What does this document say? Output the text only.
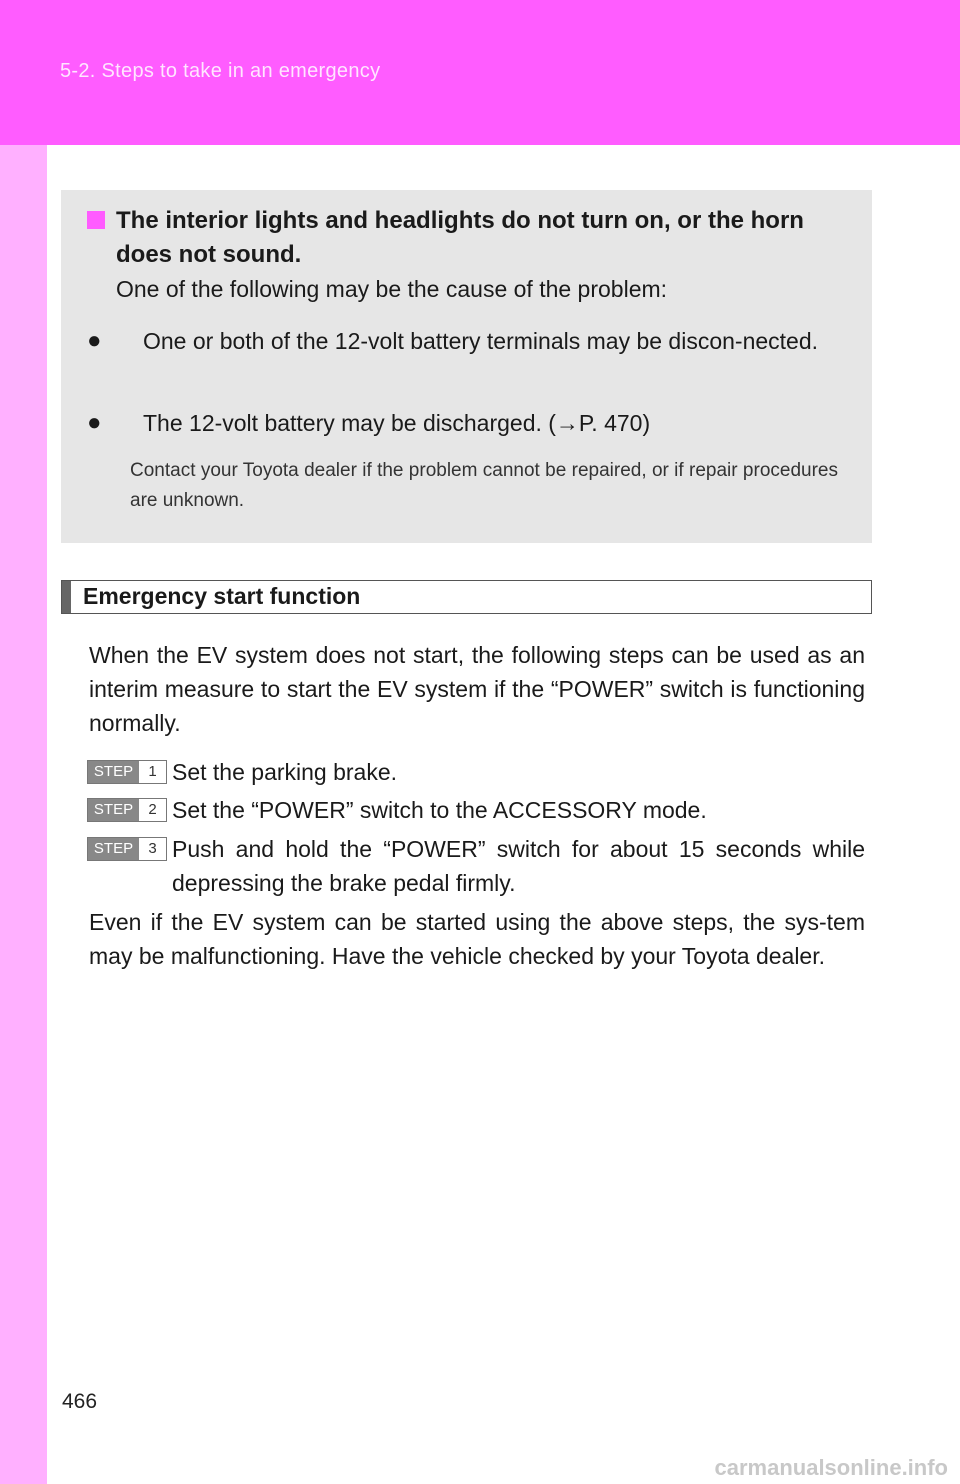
5-2. Steps to take in an emergency
The interior lights and headlights do not turn on, or the horn does not sound.
One of the following may be the cause of the problem:
●	One or both of the 12-volt battery terminals may be discon-nected.
●	The 12-volt battery may be discharged. (→P. 470)
Contact your Toyota dealer if the problem cannot be repaired, or if repair procedures are unknown.
Emergency start function
When the EV system does not start, the following steps can be used as an interim measure to start the EV system if the “POWER” switch is functioning normally.
STEP	1 Set the parking brake.
STEP	2 Set the “POWER” switch to the ACCESSORY mode.
STEP	3 Push and hold the “POWER” switch for about 15 seconds while depressing the brake pedal firmly.
Even if the EV system can be started using the above steps, the sys-tem may be malfunctioning. Have the vehicle checked by your Toyota dealer.
466
carmanualsonline.info
